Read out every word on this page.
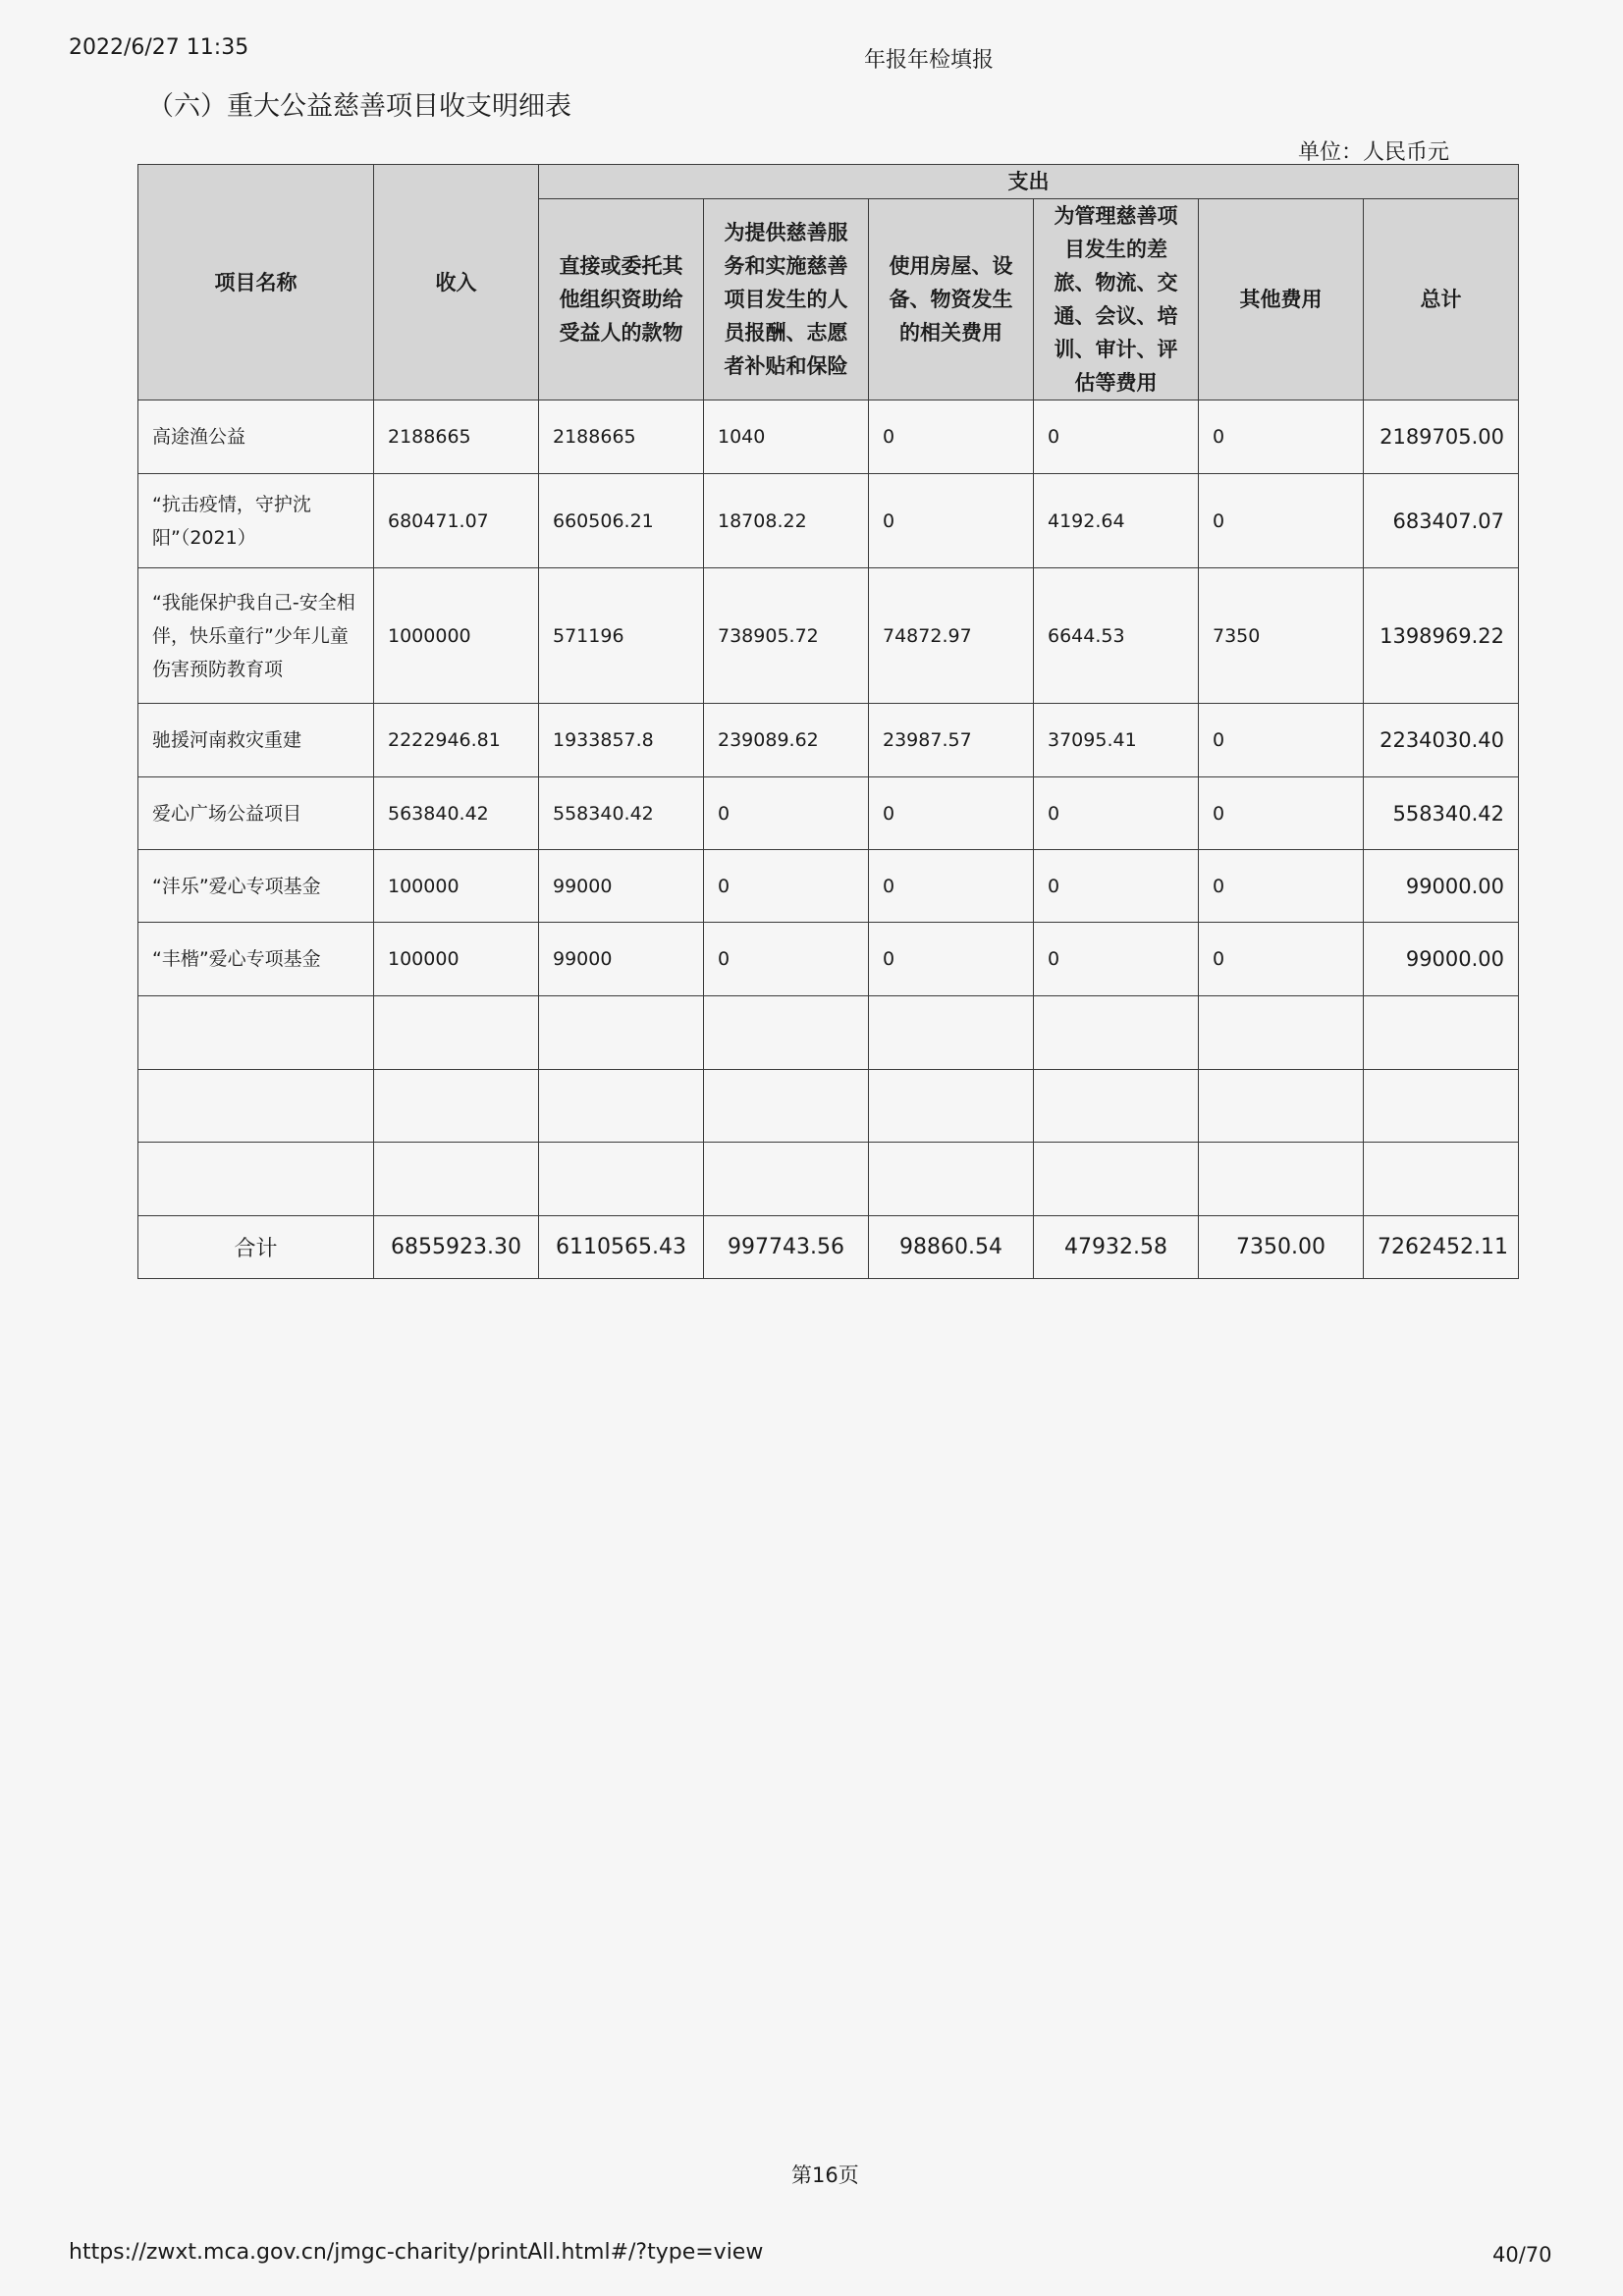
2022/6/27 11:35
年报年检填报
（六）重大公益慈善项目收支明细表
单位：人民币元
项目名称	收入	支出					
		直接或委托其他组织资助给受益人的款物	为提供慈善服务和实施慈善项目发生的人员报酬、志愿者补贴和保险	使用房屋、设备、物资发生的相关费用	为管理慈善项目发生的差旅、物流、交通、会议、培训、审计、评估等费用	其他费用	总计
高途渔公益	2188665	2188665	1040	0	0	0	2189705.00
“抗击疫情，守护沈阳”（2021）	680471.07	660506.21	18708.22	0	4192.64	0	683407.07
“我能保护我自己-安全相伴，快乐童行”少年儿童伤害预防教育项	1000000	571196	738905.72	74872.97	6644.53	7350	1398969.22
驰援河南救灾重建	2222946.81	1933857.8	239089.62	23987.57	37095.41	0	2234030.40
爱心广场公益项目	563840.42	558340.42	0	0	0	0	558340.42
“沣乐”爱心专项基金	100000	99000	0	0	0	0	99000.00
“丰楷”爱心专项基金	100000	99000	0	0	0	0	99000.00

合计	6855923.30	6110565.43	997743.56	98860.54	47932.58	7350.00	7262452.11
第16页
https://zwxt.mca.gov.cn/jmgc-charity/printAll.html#/?type=view	40/70
